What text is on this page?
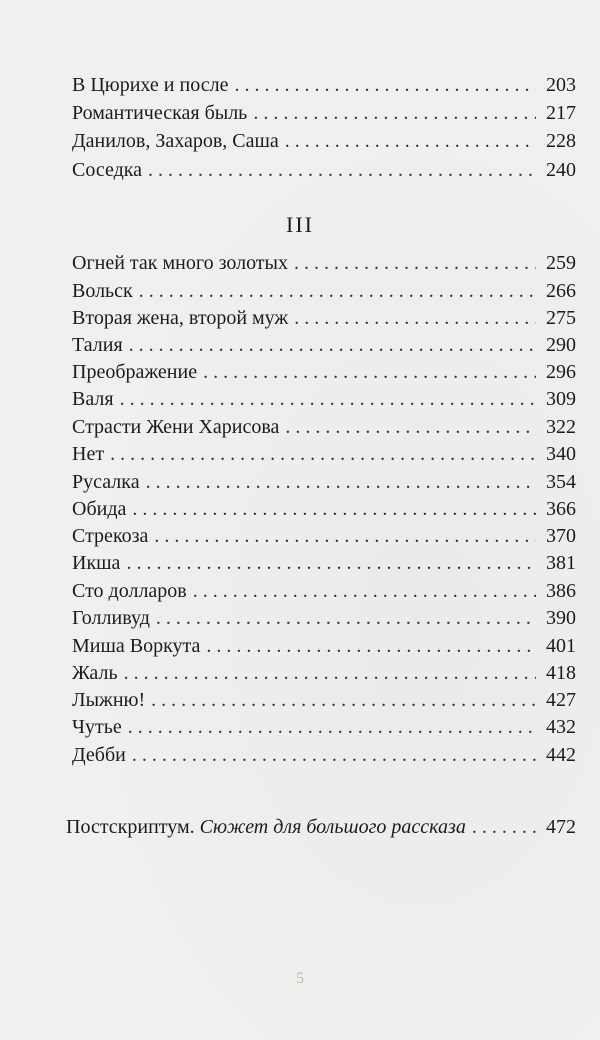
В Цюрихе и после . . .	203
Романтическая быль . . .	217
Данилов, Захаров, Саша . . .	228
Соседка . . .	240
Огней так много золотых . . .	259
Вольск . . .	266
Вторая жена, второй муж . . .	275
Талия . . .	290
Преображение . . .	296
Валя . . .	309
Страсти Жени Харисова . . .	322
Нет . . .	340
Русалка . . .	354
Обида . . .	366
Стрекоза . . .	370
Икша . . .	381
Сто долларов . . .	386
Голливуд . . .	390
Миша Воркута . . .	401
Жаль . . .	418
Лыжню! . . .	427
Чутье . . .	432
Дебби . . .	442
Постскриптум. Сюжет для большого рассказа . . .	472
III
5
